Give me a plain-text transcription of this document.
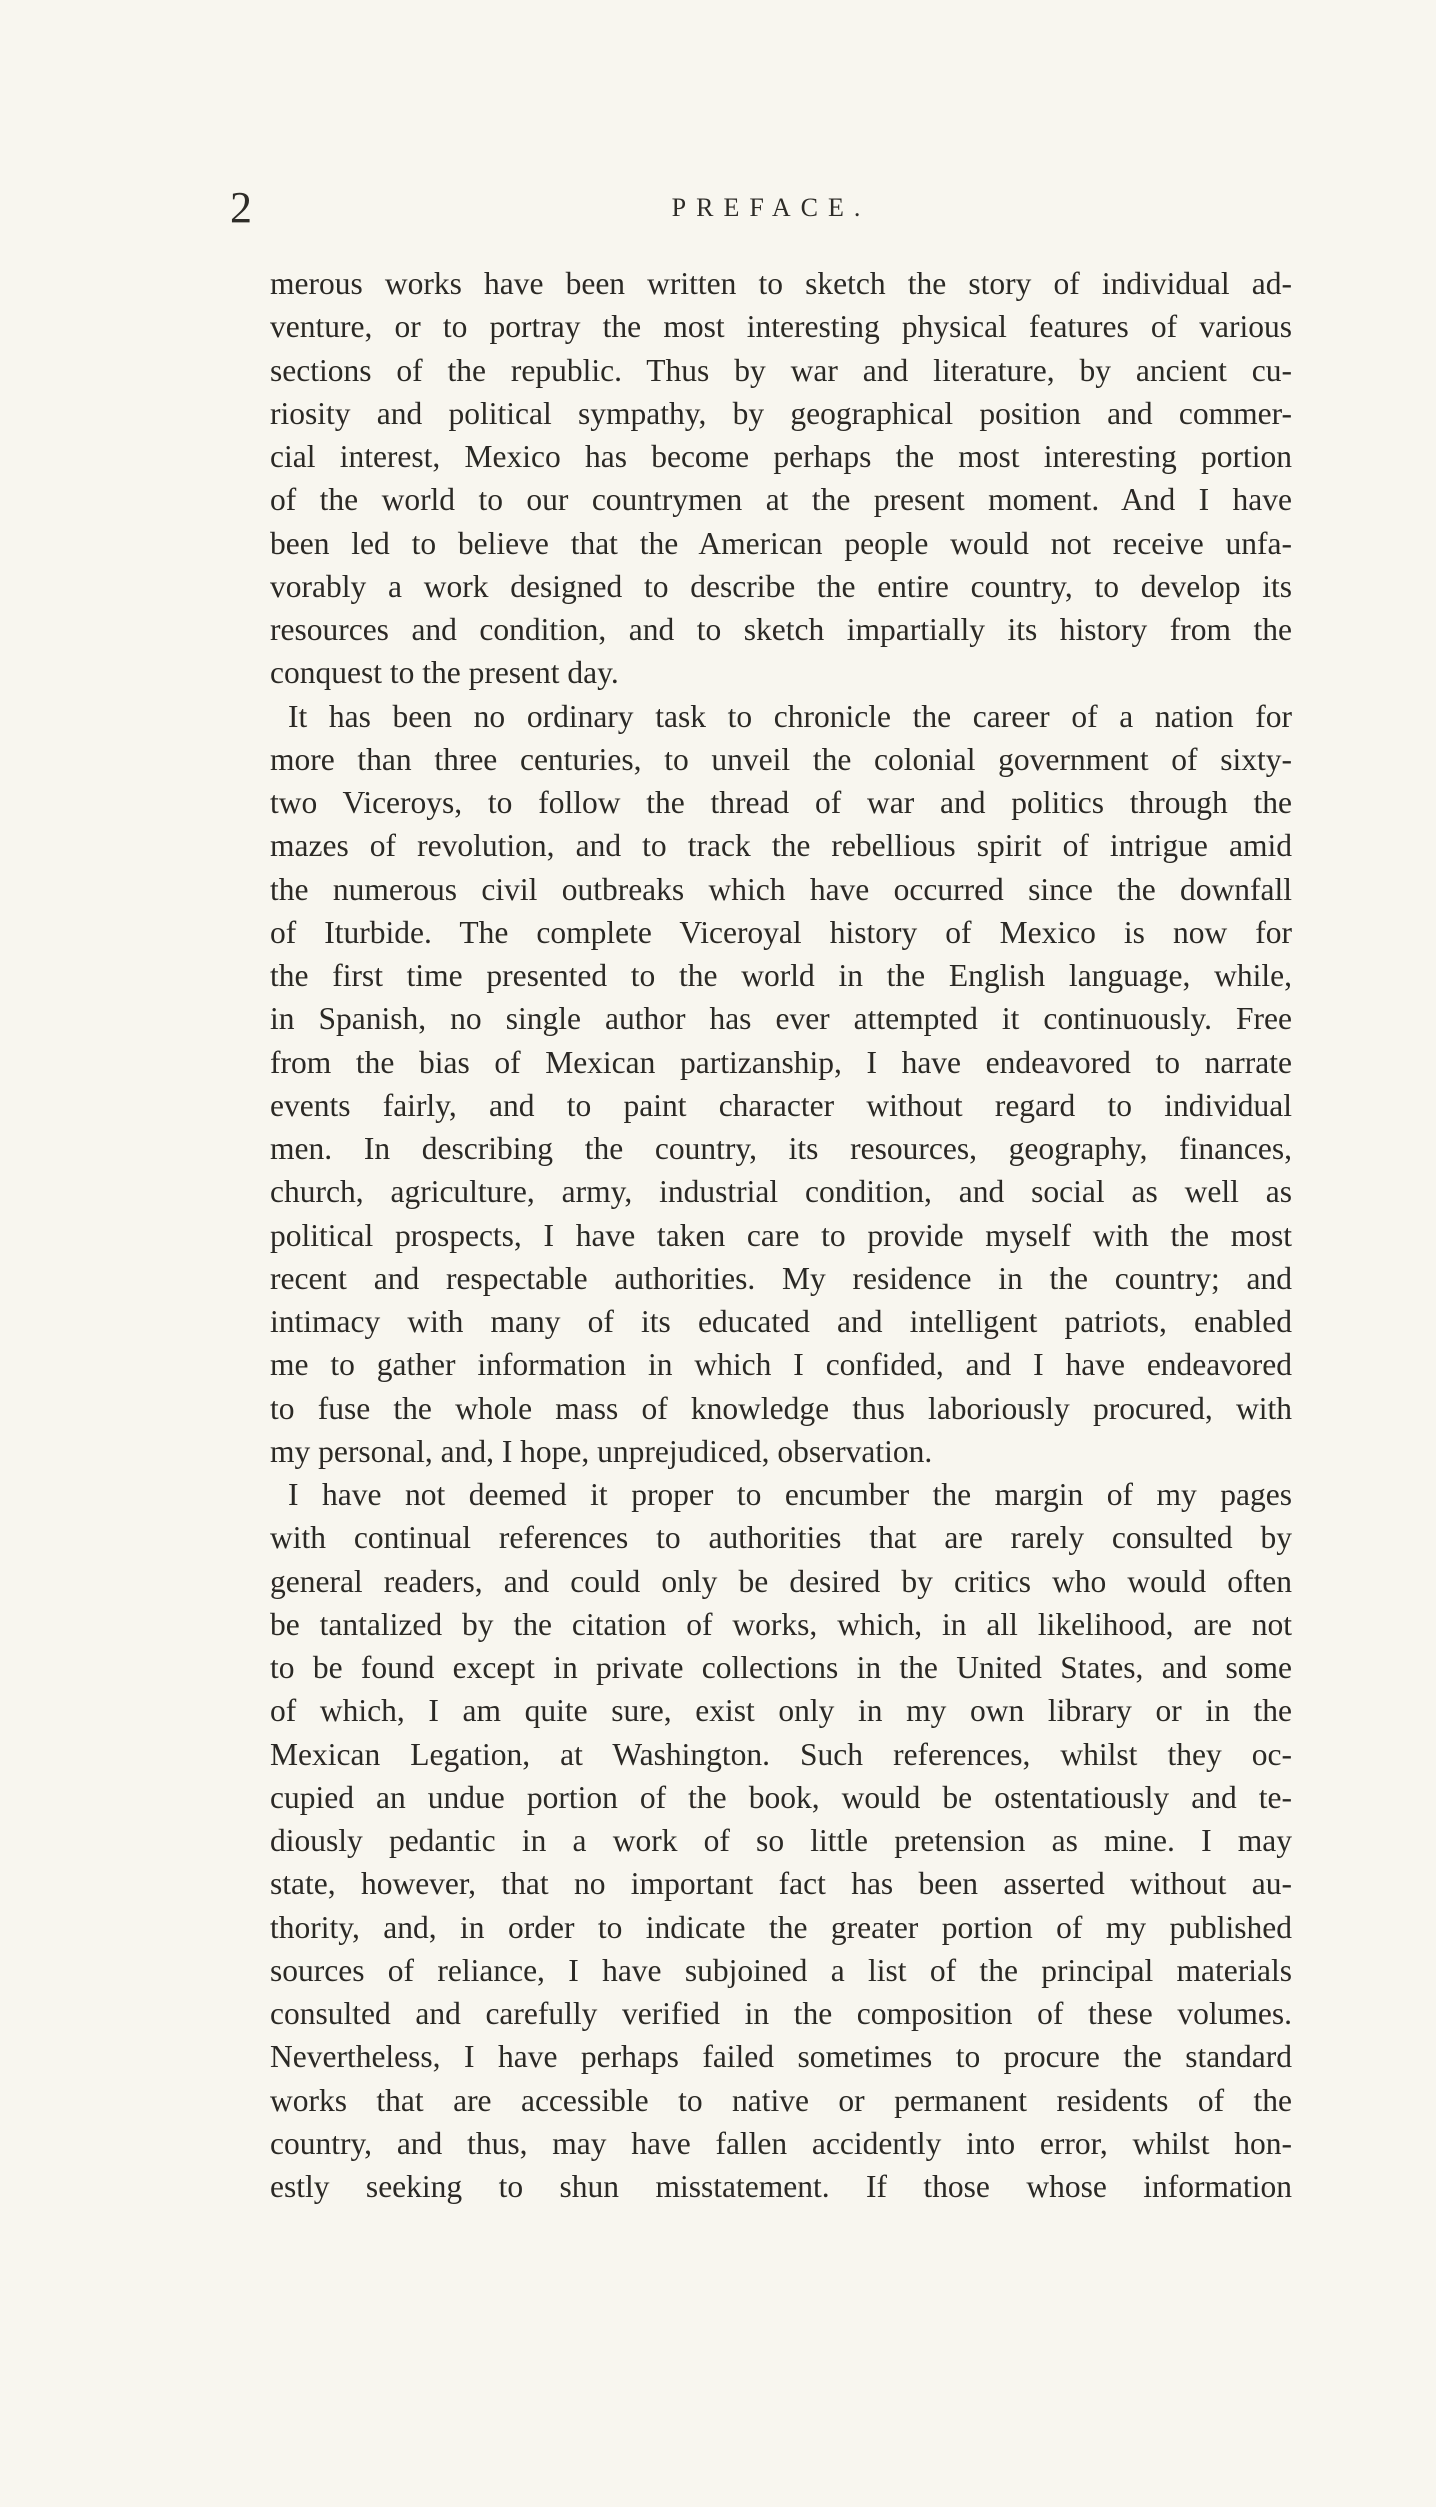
2	PREFACE.
merous works have been written to sketch the story of individual ad-
venture, or to portray the most interesting physical features of various
sections of the republic. Thus by war and literature, by ancient cu-
riosity and political sympathy, by geographical position and commer-
cial interest, Mexico has become perhaps the most interesting portion
of the world to our countrymen at the present moment. And I have
been led to believe that the American people would not receive unfa-
vorably a work designed to describe the entire country, to develop its
resources and condition, and to sketch impartially its history from the
conquest to the present day.
It has been no ordinary task to chronicle the career of a nation for
more than three centuries, to unveil the colonial government of sixty-
two Viceroys, to follow the thread of war and politics through the
mazes of revolution, and to track the rebellious spirit of intrigue amid
the numerous civil outbreaks which have occurred since the downfall
of Iturbide. The complete Viceroyal history of Mexico is now for
the first time presented to the world in the English language, while,
in Spanish, no single author has ever attempted it continuously. Free
from the bias of Mexican partizanship, I have endeavored to narrate
events fairly, and to paint character without regard to individual
men. In describing the country, its resources, geography, finances,
church, agriculture, army, industrial condition, and social as well as
political prospects, I have taken care to provide myself with the most
recent and respectable authorities. My residence in the country; and
intimacy with many of its educated and intelligent patriots, enabled
me to gather information in which I confided, and I have endeavored
to fuse the whole mass of knowledge thus laboriously procured, with
my personal, and, I hope, unprejudiced, observation.
I have not deemed it proper to encumber the margin of my pages
with continual references to authorities that are rarely consulted by
general readers, and could only be desired by critics who would often
be tantalized by the citation of works, which, in all likelihood, are not
to be found except in private collections in the United States, and some
of which, I am quite sure, exist only in my own library or in the
Mexican Legation, at Washington. Such references, whilst they oc-
cupied an undue portion of the book, would be ostentatiously and te-
diously pedantic in a work of so little pretension as mine. I may
state, however, that no important fact has been asserted without au-
thority, and, in order to indicate the greater portion of my published
sources of reliance, I have subjoined a list of the principal materials
consulted and carefully verified in the composition of these volumes.
Nevertheless, I have perhaps failed sometimes to procure the standard
works that are accessible to native or permanent residents of the
country, and thus, may have fallen accidently into error, whilst hon-
estly seeking to shun misstatement. If those whose information
